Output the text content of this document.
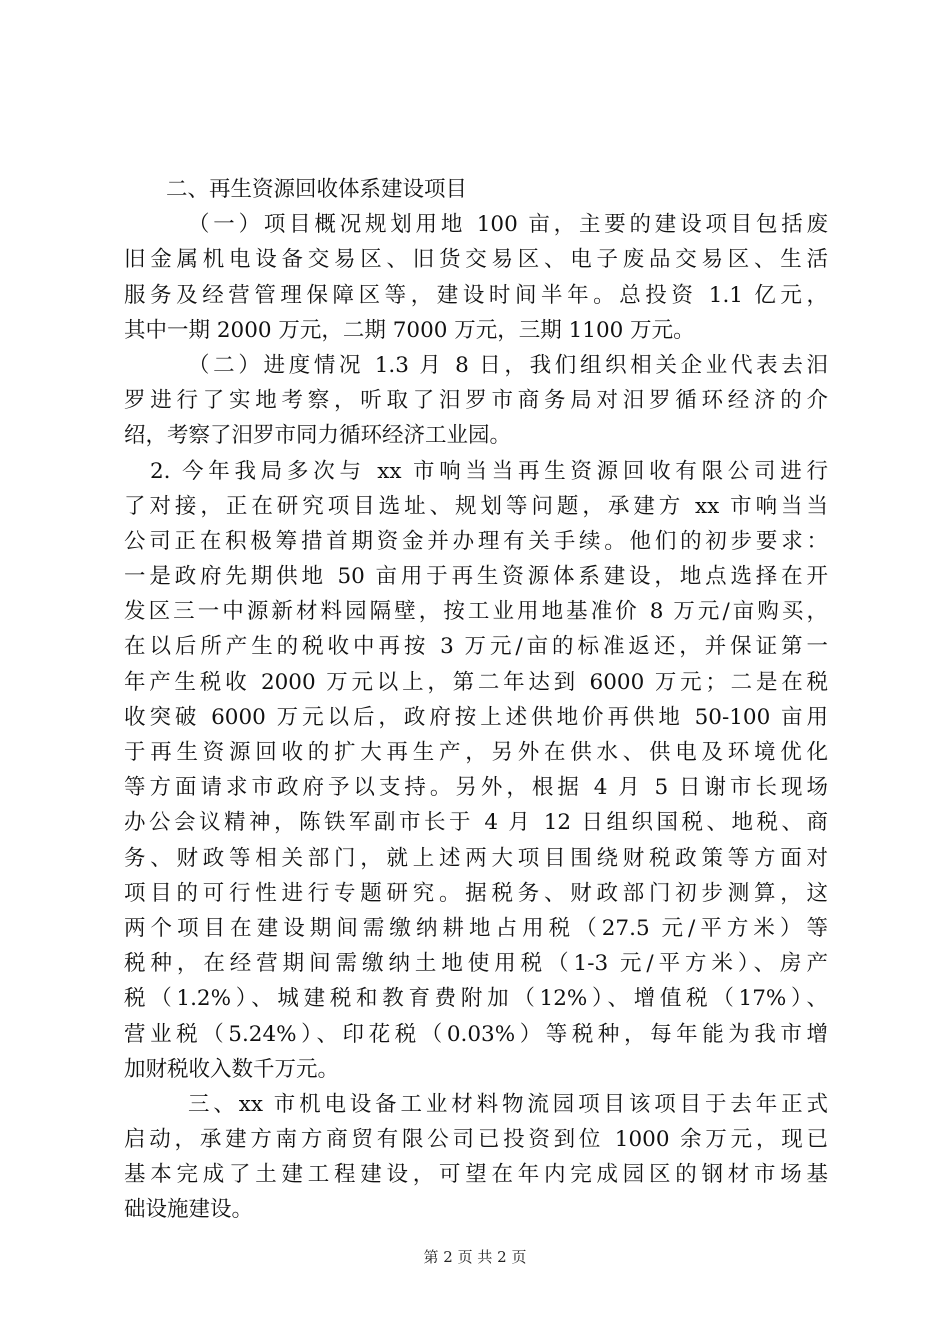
二、再生资源回收体系建设项目
（一）项目概况规划用地 100 亩，主要的建设项目包括废
旧金属机电设备交易区、旧货交易区、电子废品交易区、生活
服务及经营管理保障区等，建设时间半年。总投资 1.1 亿元，
其中一期 2000 万元，二期 7000 万元，三期 1100 万元。
（二）进度情况 1.3 月 8 日，我们组织相关企业代表去汨
罗进行了实地考察，听取了汨罗市商务局对汨罗循环经济的介
绍，考察了汨罗市同力循环经济工业园。
2. 今年我局多次与 xx 市响当当再生资源回收有限公司进行
了对接，正在研究项目选址、规划等问题，承建方 xx 市响当当
公司正在积极筹措首期资金并办理有关手续。他们的初步要求：
一是政府先期供地 50 亩用于再生资源体系建设，地点选择在开
发区三一中源新材料园隔壁，按工业用地基准价 8 万元/亩购买，
在以后所产生的税收中再按 3 万元/亩的标准返还，并保证第一
年产生税收 2000 万元以上，第二年达到 6000 万元；二是在税
收突破 6000 万元以后，政府按上述供地价再供地 50-100 亩用
于再生资源回收的扩大再生产，另外在供水、供电及环境优化
等方面请求市政府予以支持。另外，根据 4 月 5 日谢市长现场
办公会议精神，陈铁军副市长于 4 月 12 日组织国税、地税、商
务、财政等相关部门，就上述两大项目围绕财税政策等方面对
项目的可行性进行专题研究。据税务、财政部门初步测算，这
两个项目在建设期间需缴纳耕地占用税（27.5 元/平方米）等
税种，在经营期间需缴纳土地使用税（1-3 元/平方米）、房产
税（1.2%）、城建税和教育费附加（12%）、增值税（17%）、
营业税（5.24%）、印花税（0.03%）等税种，每年能为我市增
加财税收入数千万元。
三、xx 市机电设备工业材料物流园项目该项目于去年正式
启动，承建方南方商贸有限公司已投资到位 1000 余万元，现已
基本完成了土建工程建设，可望在年内完成园区的钢材市场基
础设施建设。
第 2 页 共 2 页
